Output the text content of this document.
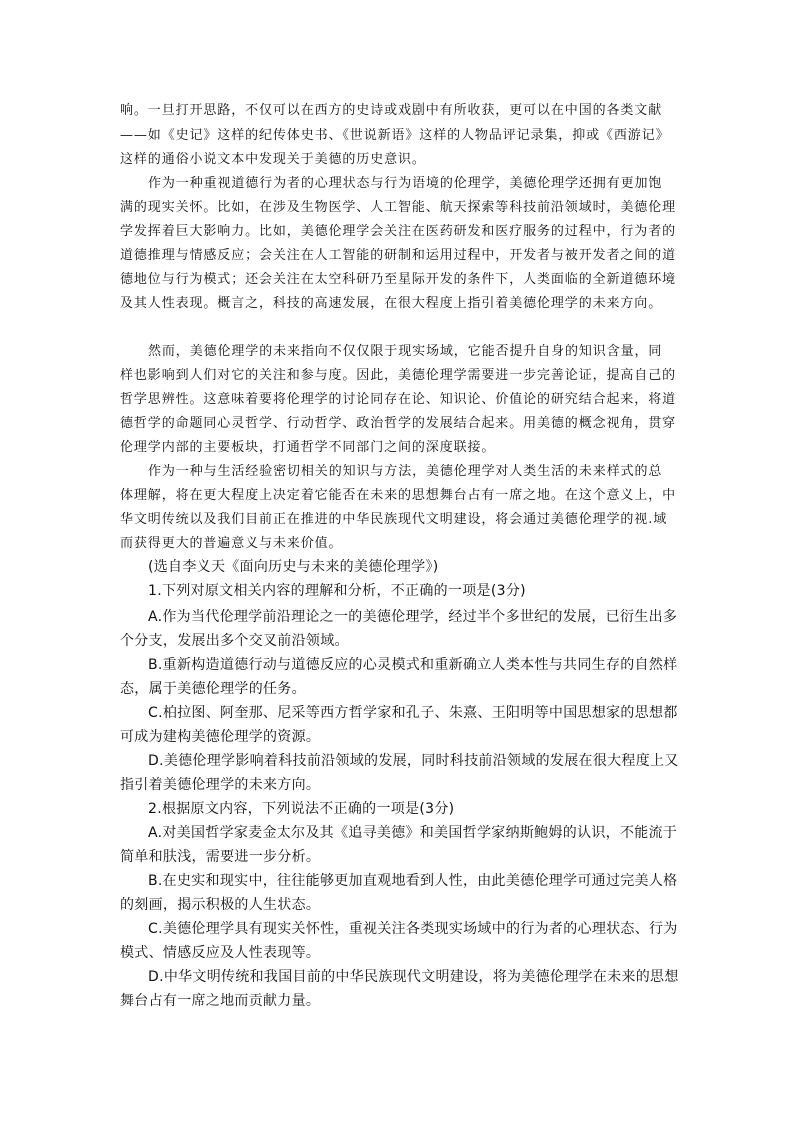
响。一旦打开思路，不仅可以在西方的史诗或戏剧中有所收获，更可以在中国的各类文献
——如《史记》这样的纪传体史书、《世说新语》这样的人物品评记录集，抑或《西游记》
这样的通俗小说文本中发现关于美德的历史意识。
作为一种重视道德行为者的心理状态与行为语境的伦理学，美德伦理学还拥有更加饱
满的现实关怀。比如，在涉及生物医学、人工智能、航天探索等科技前沿领域时，美德伦理
学发挥着巨大影响力。比如，美德伦理学会关注在医药研发和医疗服务的过程中，行为者的
道德推理与情感反应；会关注在人工智能的研制和运用过程中，开发者与被开发者之间的道
德地位与行为模式；还会关注在太空科研乃至星际开发的条件下，人类面临的全新道德环境
及其人性表现。概言之，科技的高速发展，在很大程度上指引着美德伦理学的未来方向。
然而，美德伦理学的未来指向不仅仅限于现实场域，它能否提升自身的知识含量，同
样也影响到人们对它的关注和参与度。因此，美德伦理学需要进一步完善论证，提高自己的
哲学思辨性。这意味着要将伦理学的讨论同存在论、知识论、价值论的研究结合起来，将道
德哲学的命题同心灵哲学、行动哲学、政治哲学的发展结合起来。用美德的概念视角，贯穿
伦理学内部的主要板块，打通哲学不同部门之间的深度联接。
作为一种与生活经验密切相关的知识与方法，美德伦理学对人类生活的未来样式的总
体理解，将在更大程度上决定着它能否在未来的思想舞台占有一席之地。在这个意义上，中
华文明传统以及我们目前正在推进的中华民族现代文明建设，将会通过美德伦理学的视.域
而获得更大的普遍意义与未来价值。
(选自李义天《面向历史与未来的美德伦理学》)
1.下列对原文相关内容的理解和分析，不正确的一项是(3分)
A.作为当代伦理学前沿理论之一的美德伦理学，经过半个多世纪的发展，已衍生出多
个分支，发展出多个交叉前沿领域。
B.重新构造道德行动与道德反应的心灵模式和重新确立人类本性与共同生存的自然样
态，属于美德伦理学的任务。
C.柏拉图、阿奎那、尼采等西方哲学家和孔子、朱熹、王阳明等中国思想家的思想都
可成为建构美德伦理学的资源。
D.美德伦理学影响着科技前沿领域的发展，同时科技前沿领域的发展在很大程度上又
指引着美德伦理学的未来方向。
2.根据原文内容，下列说法不正确的一项是(3分)
A.对美国哲学家麦金太尔及其《追寻美德》和美国哲学家纳斯鲍姆的认识，不能流于
简单和肤浅，需要进一步分析。
B.在史实和现实中，往往能够更加直观地看到人性，由此美德伦理学可通过完美人格
的刻画，揭示积极的人生状态。
C.美德伦理学具有现实关怀性，重视关注各类现实场域中的行为者的心理状态、行为
模式、情感反应及人性表现等。
D.中华文明传统和我国目前的中华民族现代文明建设，将为美德伦理学在未来的思想
舞台占有一席之地而贡献力量。
